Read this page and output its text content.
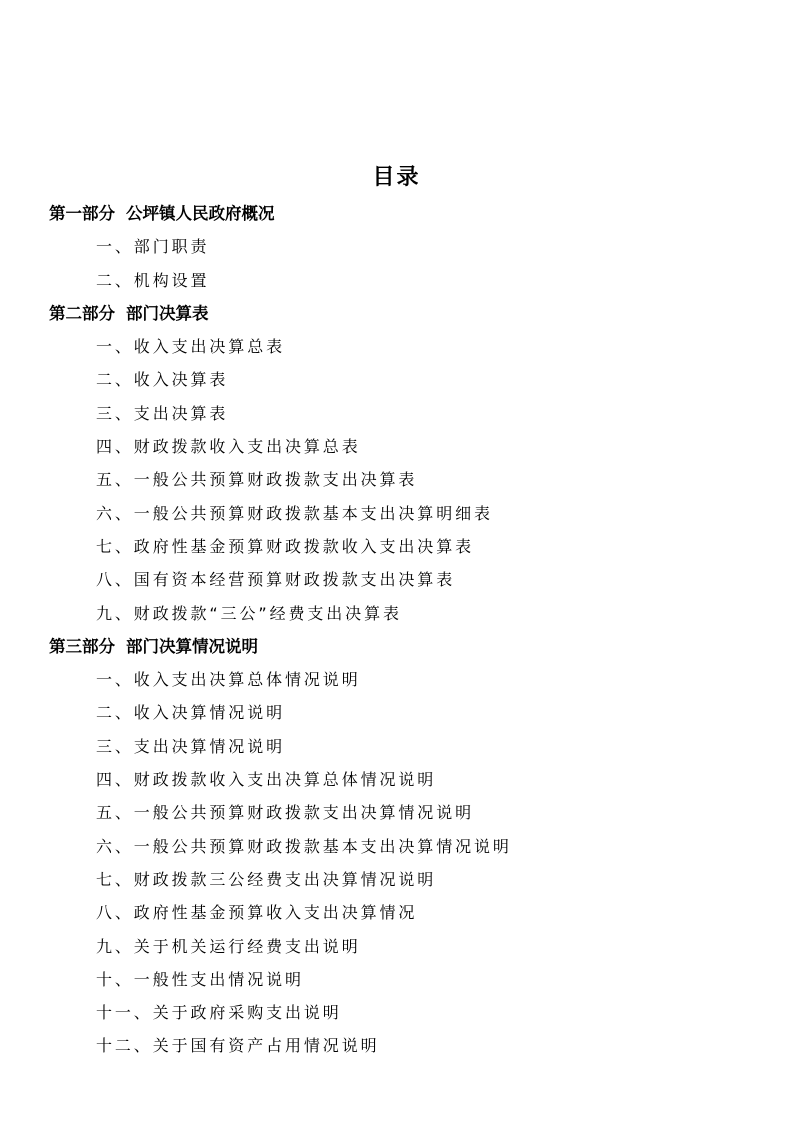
目录
第一部分 公坪镇人民政府概况
一、部门职责
二、机构设置
第二部分 部门决算表
一、收入支出决算总表
二、收入决算表
三、支出决算表
四、财政拨款收入支出决算总表
五、一般公共预算财政拨款支出决算表
六、一般公共预算财政拨款基本支出决算明细表
七、政府性基金预算财政拨款收入支出决算表
八、国有资本经营预算财政拨款支出决算表
九、财政拨款“三公”经费支出决算表
第三部分 部门决算情况说明
一、收入支出决算总体情况说明
二、收入决算情况说明
三、支出决算情况说明
四、财政拨款收入支出决算总体情况说明
五、一般公共预算财政拨款支出决算情况说明
六、一般公共预算财政拨款基本支出决算情况说明
七、财政拨款三公经费支出决算情况说明
八、政府性基金预算收入支出决算情况
九、关于机关运行经费支出说明
十、一般性支出情况说明
十一、关于政府采购支出说明
十二、关于国有资产占用情况说明
